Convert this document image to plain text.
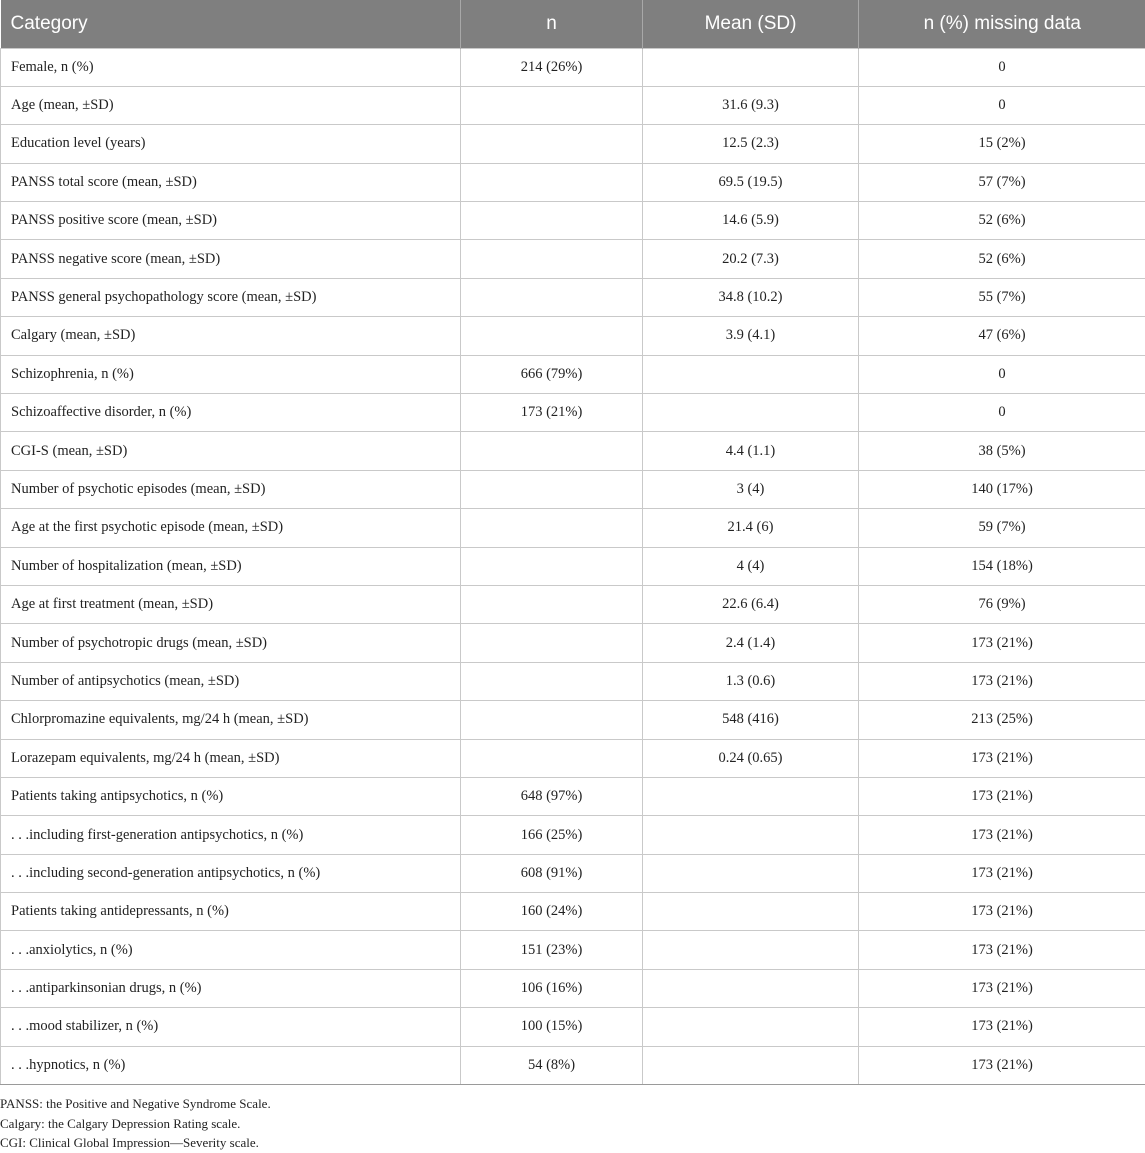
Category	n	Mean (SD)	n (%) missing data
Female, n (%)	214 (26%)		0
Age (mean, ±SD)		31.6 (9.3)	0
Education level (years)		12.5 (2.3)	15 (2%)
PANSS total score (mean, ±SD)		69.5 (19.5)	57 (7%)
PANSS positive score (mean, ±SD)		14.6 (5.9)	52 (6%)
PANSS negative score (mean, ±SD)		20.2 (7.3)	52 (6%)
PANSS general psychopathology score (mean, ±SD)		34.8 (10.2)	55 (7%)
Calgary (mean, ±SD)		3.9 (4.1)	47 (6%)
Schizophrenia, n (%)	666 (79%)		0
Schizoaffective disorder, n (%)	173 (21%)		0
CGI-S (mean, ±SD)		4.4 (1.1)	38 (5%)
Number of psychotic episodes (mean, ±SD)		3 (4)	140 (17%)
Age at the first psychotic episode (mean, ±SD)		21.4 (6)	59 (7%)
Number of hospitalization (mean, ±SD)		4 (4)	154 (18%)
Age at first treatment (mean, ±SD)		22.6 (6.4)	76 (9%)
Number of psychotropic drugs (mean, ±SD)		2.4 (1.4)	173 (21%)
Number of antipsychotics (mean, ±SD)		1.3 (0.6)	173 (21%)
Chlorpromazine equivalents, mg/24 h (mean, ±SD)		548 (416)	213 (25%)
Lorazepam equivalents, mg/24 h (mean, ±SD)		0.24 (0.65)	173 (21%)
Patients taking antipsychotics, n (%)	648 (97%)		173 (21%)
. . .including first-generation antipsychotics, n (%)	166 (25%)		173 (21%)
. . .including second-generation antipsychotics, n (%)	608 (91%)		173 (21%)
Patients taking antidepressants, n (%)	160 (24%)		173 (21%)
. . .anxiolytics, n (%)	151 (23%)		173 (21%)
. . .antiparkinsonian drugs, n (%)	106 (16%)		173 (21%)
. . .mood stabilizer, n (%)	100 (15%)		173 (21%)
. . .hypnotics, n (%)	54 (8%)		173 (21%)
PANSS: the Positive and Negative Syndrome Scale.
Calgary: the Calgary Depression Rating scale.
CGI: Clinical Global Impression—Severity scale.
